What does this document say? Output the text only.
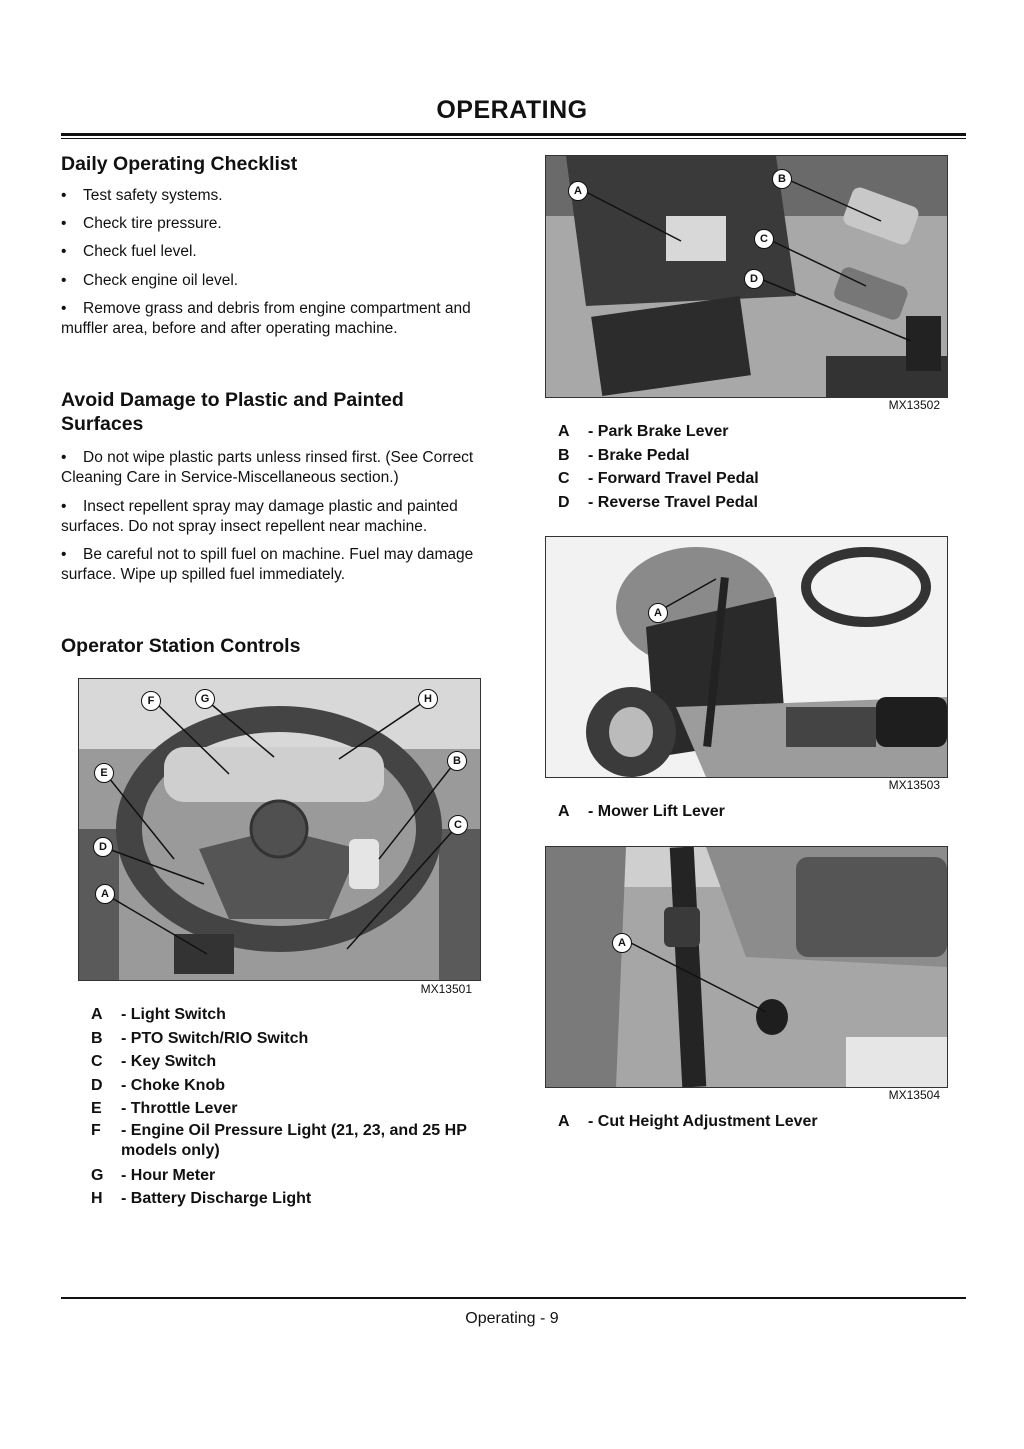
OPERATING
Daily Operating Checklist
• Test safety systems.
• Check tire pressure.
• Check fuel level.
• Check engine oil level.
• Remove grass and debris from engine compartment and muffler area, before and after operating machine.
Avoid Damage to Plastic and Painted Surfaces
• Do not wipe plastic parts unless rinsed first. (See Correct Cleaning Care in Service-Miscellaneous section.)
• Insect repellent spray may damage plastic and painted surfaces. Do not spray insect repellent near machine.
• Be careful not to spill fuel on machine. Fuel may damage surface. Wipe up spilled fuel immediately.
Operator Station Controls
F	G	H
E
B
C
D
A
MX13501
A	- Light Switch
B	- PTO Switch/RIO Switch
C	- Key Switch
D	- Choke Knob
E	- Throttle Lever
F	- Engine Oil Pressure Light (21, 23, and 25 HP models only)
G	- Hour Meter
H	- Battery Discharge Light
A
B
C
D
MX13502
A	- Park Brake Lever
B	- Brake Pedal
C	- Forward Travel Pedal
D	- Reverse Travel Pedal
A
MX13503
A	- Mower Lift Lever
A
MX13504
A	- Cut Height Adjustment Lever
Operating - 9
